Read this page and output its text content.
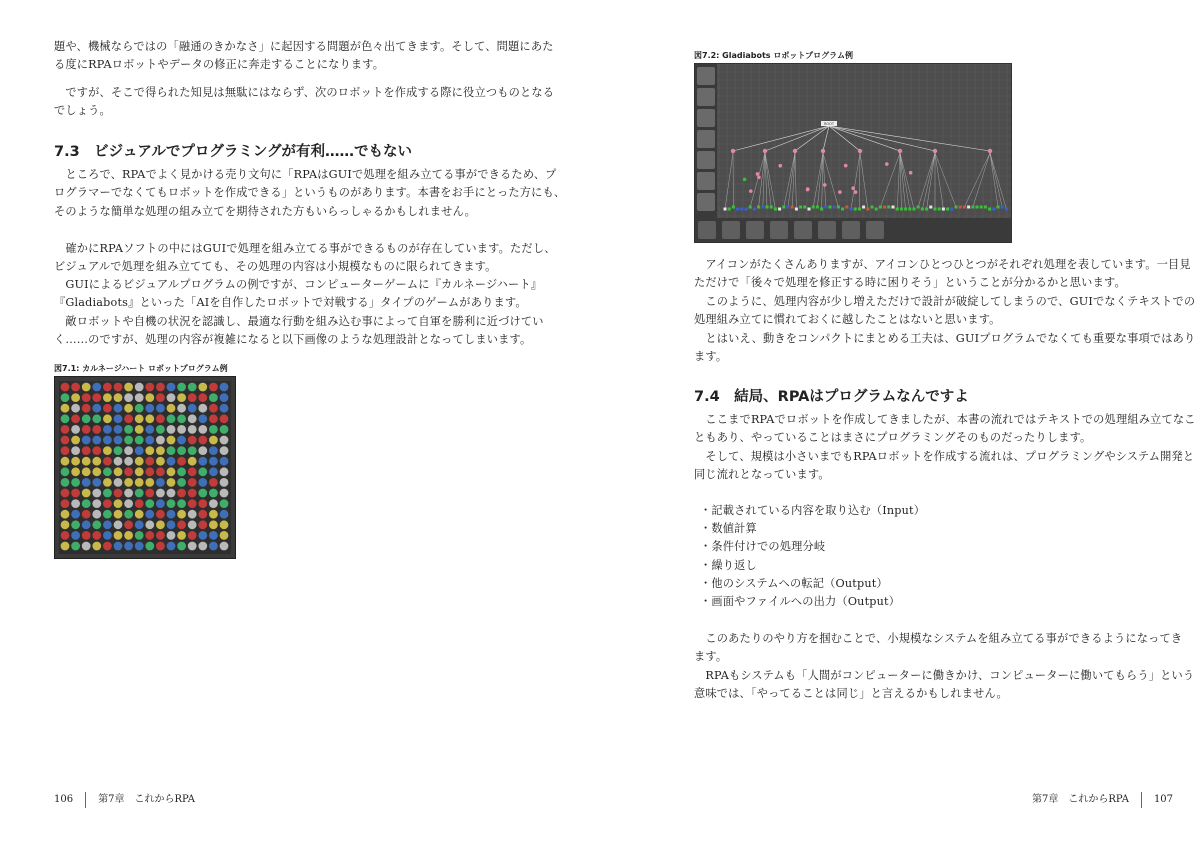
題や、機械ならではの「融通のきかなさ」に起因する問題が色々出てきます。そして、問題にあた
る度にRPAロボットやデータの修正に奔走することになります。

　ですが、そこで得られた知見は無駄にはならず、次のロボットを作成する際に役立つものとなる
でしょう。

7.3　ビジュアルでプログラミングが有利……でもない

　ところで、RPAでよく見かける売り文句に「RPAはGUIで処理を組み立てる事ができるため、プ
ログラマーでなくてもロボットを作成できる」というものがあります。本書をお手にとった方にも、
そのような簡単な処理の組み立てを期待された方もいらっしゃるかもしれません。

　確かにRPAソフトの中にはGUIで処理を組み立てる事ができるものが存在しています。ただし、
ビジュアルで処理を組み立てても、その処理の内容は小規模なものに限られてきます。

　GUIによるビジュアルプログラムの例ですが、コンピューターゲームに『カルネージハート』
『Gladiabots』といった「AIを自作したロボットで対戦する」タイプのゲームがあります。

　敵ロボットや自機の状況を認識し、最適な行動を組み込む事によって自軍を勝利に近づけてい
く……のですが、処理の内容が複雑になると以下画像のような処理設計となってしまいます。

図7.1: カルネージハート ロボットプログラム例

106	第7章　これからRPA

図7.2: Gladiabots ロボットプログラム例

ROOT

　アイコンがたくさんありますが、アイコンひとつひとつがそれぞれ処理を表しています。一目見
ただけで「後々で処理を修正する時に困りそう」ということが分かるかと思います。

　このように、処理内容が少し増えただけで設計が破綻してしまうので、GUIでなくテキストでの
処理組み立てに慣れておくに越したことはないと思います。

　とはいえ、動きをコンパクトにまとめる工夫は、GUIプログラムでなくても重要な事項ではあり
ます。

7.4　結局、RPAはプログラムなんですよ

　ここまでRPAでロボットを作成してきましたが、本書の流れではテキストでの処理組み立てなこ
ともあり、やっていることはまさにプログラミングそのものだったりします。

　そして、規模は小さいまでもRPAロボットを作成する流れは、プログラミングやシステム開発と
同じ流れとなっています。

・記載されている内容を取り込む（Input）
・数値計算
・条件付けでの処理分岐
・繰り返し
・他のシステムへの転記（Output）
・画面やファイルへの出力（Output）

　このあたりのやり方を掴むことで、小規模なシステムを組み立てる事ができるようになってき
ます。

　RPAもシステムも「人間がコンピューターに働きかけ、コンピューターに働いてもらう」という
意味では、「やってることは同じ」と言えるかもしれません。

第7章　これからRPA	107
